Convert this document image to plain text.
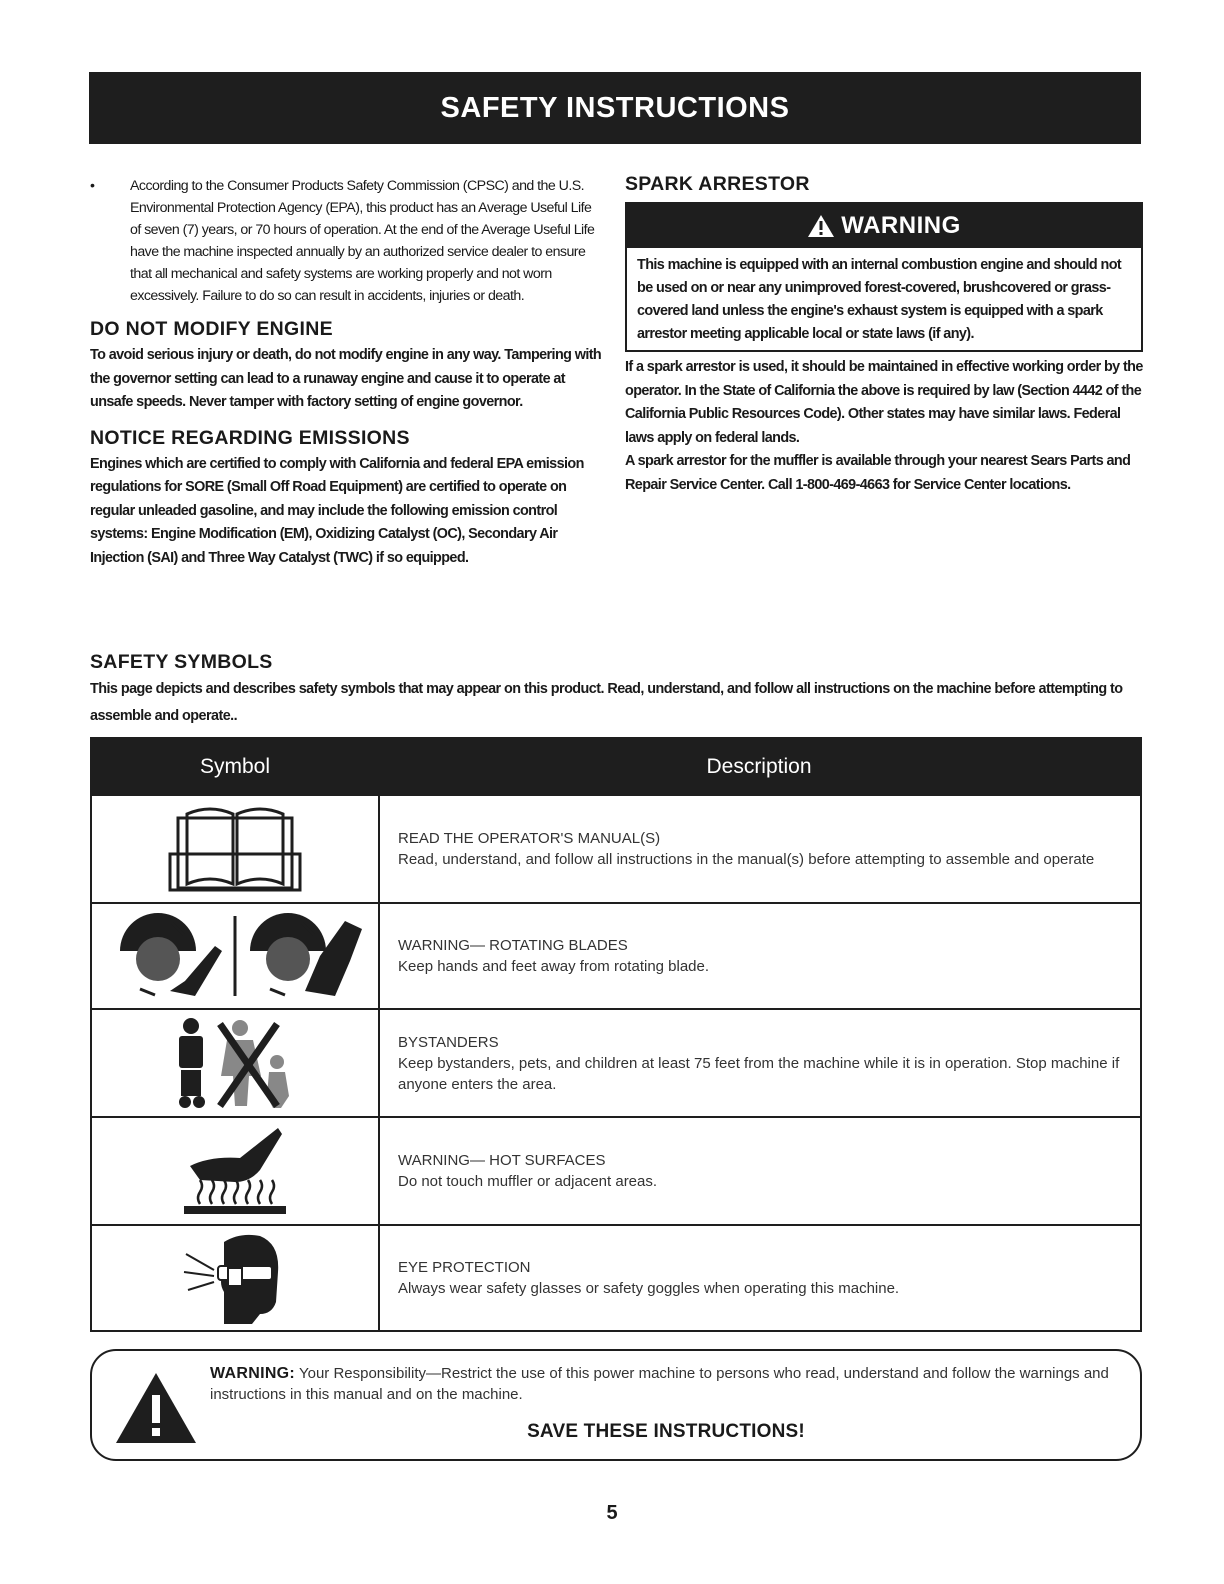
SAFETY INSTRUCTIONS
•	According to the Consumer Products Safety Commission (CPSC) and the U.S. Environmental Protection Agency (EPA), this product has an Average Useful Life of seven (7) years, or 70 hours of operation. At the end of the Average Useful Life have the machine inspected annually by an authorized service dealer to ensure that all mechanical and safety systems are working properly and not worn excessively. Failure to do so can result in accidents, injuries or death.
DO NOT MODIFY ENGINE

To avoid serious injury or death, do not modify engine in any way. Tampering with the governor setting can lead to a runaway engine and cause it to operate at unsafe speeds. Never tamper with factory setting of engine governor.

NOTICE REGARDING EMISSIONS

Engines which are certified to comply with California and federal EPA emission regulations for SORE (Small Off Road Equipment) are certified to operate on regular unleaded gasoline, and may include the following emission control systems: Engine Modification (EM), Oxidizing Catalyst (OC), Secondary Air Injection (SAI) and Three Way Catalyst (TWC) if so equipped.

SPARK ARRESTOR
WARNING
This machine is equipped with an internal combustion engine and should not be used on or near any unimproved forest-covered, brushcovered or grass-covered land unless the engine's exhaust system is equipped with a spark arrestor meeting applicable local or state laws (if any).

If a spark arrestor is used, it should be maintained in effective working order by the operator. In the State of California the above is required by law (Section 4442 of the California Public Resources Code). Other states may have similar laws. Federal laws apply on federal lands.

A spark arrestor for the muffler is available through your nearest Sears Parts and Repair Service Center. Call 1-800-469-4663 for Service Center locations.

SAFETY SYMBOLS

This page depicts and describes safety symbols that may appear on this product. Read, understand, and follow all instructions on the machine before attempting to assemble and operate..

Symbol	Description
READ THE OPERATOR'S MANUAL(S)
Read, understand, and follow all instructions in the manual(s) before attempting to assemble and operate
WARNING— ROTATING BLADES
Keep hands and feet away from rotating blade.
BYSTANDERS
Keep bystanders, pets, and children at least 75 feet from the machine while it is in operation. Stop machine if anyone enters the area.
WARNING— HOT SURFACES
Do not touch muffler or adjacent areas.
EYE PROTECTION
Always wear safety glasses or safety goggles when operating this machine.
WARNING: Your Responsibility—Restrict the use of this power machine to persons who read, understand and follow the warnings and instructions in this manual and on the machine.
SAVE THESE INSTRUCTIONS!
5
